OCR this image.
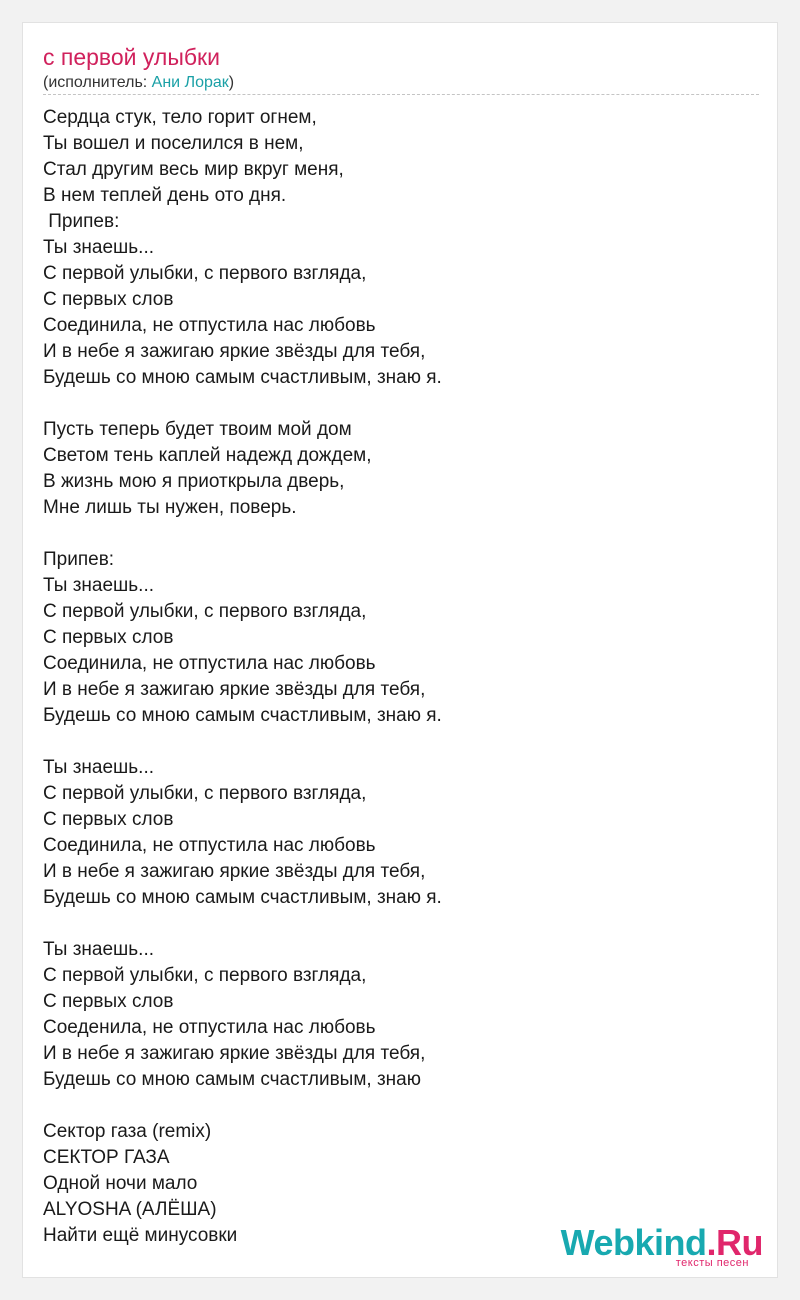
с первой улыбки
(исполнитель: Ани Лорак)
Сердца стук, тело горит огнем,
Ты вошел и поселился в нем,
Стал другим весь мир вкруг меня,
В нем теплей день ото дня.
Припев:
Ты знаешь...
С первой улыбки, с первого взгляда,
С первых слов
Соединила, не отпустила нас любовь
И в небе я зажигаю яркие звёзды для тебя,
Будешь со мною самым счастливым, знаю я.
Пусть теперь будет твоим мой дом
Светом тень каплей надежд дождем,
В жизнь мою я приоткрыла дверь,
Мне лишь ты нужен, поверь.
Припев:
Ты знаешь...
С первой улыбки, с первого взгляда,
С первых слов
Соединила, не отпустила нас любовь
И в небе я зажигаю яркие звёзды для тебя,
Будешь со мною самым счастливым, знаю я.
Ты знаешь...
С первой улыбки, с первого взгляда,
С первых слов
Соединила, не отпустила нас любовь
И в небе я зажигаю яркие звёзды для тебя,
Будешь со мною самым счастливым, знаю я.
Ты знаешь...
С первой улыбки, с первого взгляда,
С первых слов
Соеденила, не отпустила нас любовь
И в небе я зажигаю яркие звёзды для тебя,
Будешь со мною самым счастливым, знаю
Сектор газа (remix)
СЕКТОР ГАЗА
Одной ночи мало
ALYOSHA (АЛЁША)
Найти ещё минусовки	Webkind.Ru
тексты песен
